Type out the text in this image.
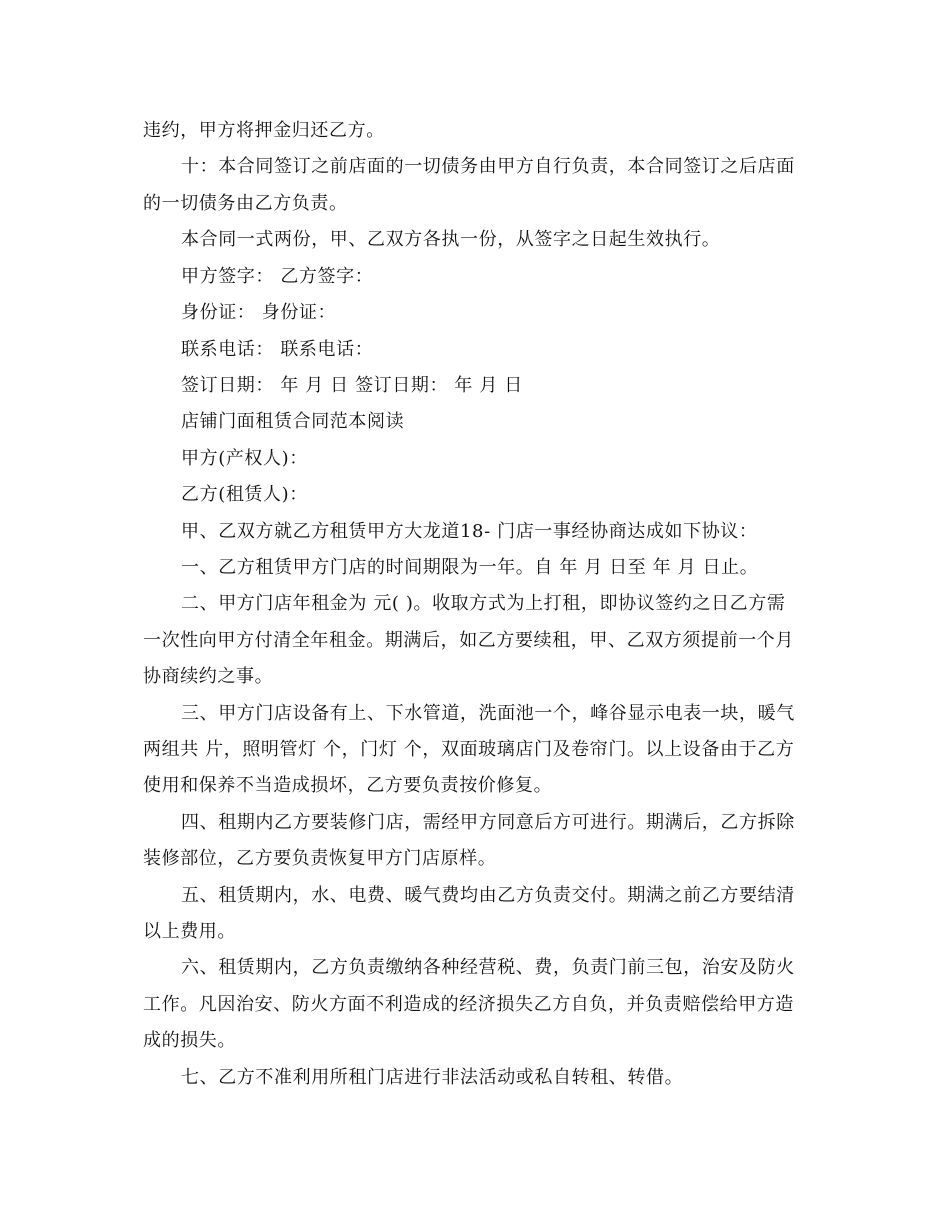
违约，甲方将押金归还乙方。
十：本合同签订之前店面的一切债务由甲方自行负责，本合同签订之后店面
的一切债务由乙方负责。
本合同一式两份，甲、乙双方各执一份，从签字之日起生效执行。
甲方签字： 乙方签字：
身份证： 身份证：
联系电话： 联系电话：
签订日期： 年 月 日 签订日期： 年 月 日
店铺门面租赁合同范本阅读
甲方(产权人)：
乙方(租赁人)：
甲、乙双方就乙方租赁甲方大龙道18- 门店一事经协商达成如下协议：
一、乙方租赁甲方门店的时间期限为一年。自 年 月 日至 年 月 日止。
二、甲方门店年租金为 元( )。收取方式为上打租，即协议签约之日乙方需
一次性向甲方付清全年租金。期满后，如乙方要续租，甲、乙双方须提前一个月
协商续约之事。
三、甲方门店设备有上、下水管道，洗面池一个，峰谷显示电表一块，暖气
两组共 片，照明管灯 个，门灯 个，双面玻璃店门及卷帘门。以上设备由于乙方
使用和保养不当造成损坏，乙方要负责按价修复。
四、租期内乙方要装修门店，需经甲方同意后方可进行。期满后，乙方拆除
装修部位，乙方要负责恢复甲方门店原样。
五、租赁期内，水、电费、暖气费均由乙方负责交付。期满之前乙方要结清
以上费用。
六、租赁期内，乙方负责缴纳各种经营税、费，负责门前三包，治安及防火
工作。凡因治安、防火方面不利造成的经济损失乙方自负，并负责赔偿给甲方造
成的损失。
七、乙方不准利用所租门店进行非法活动或私自转租、转借。
